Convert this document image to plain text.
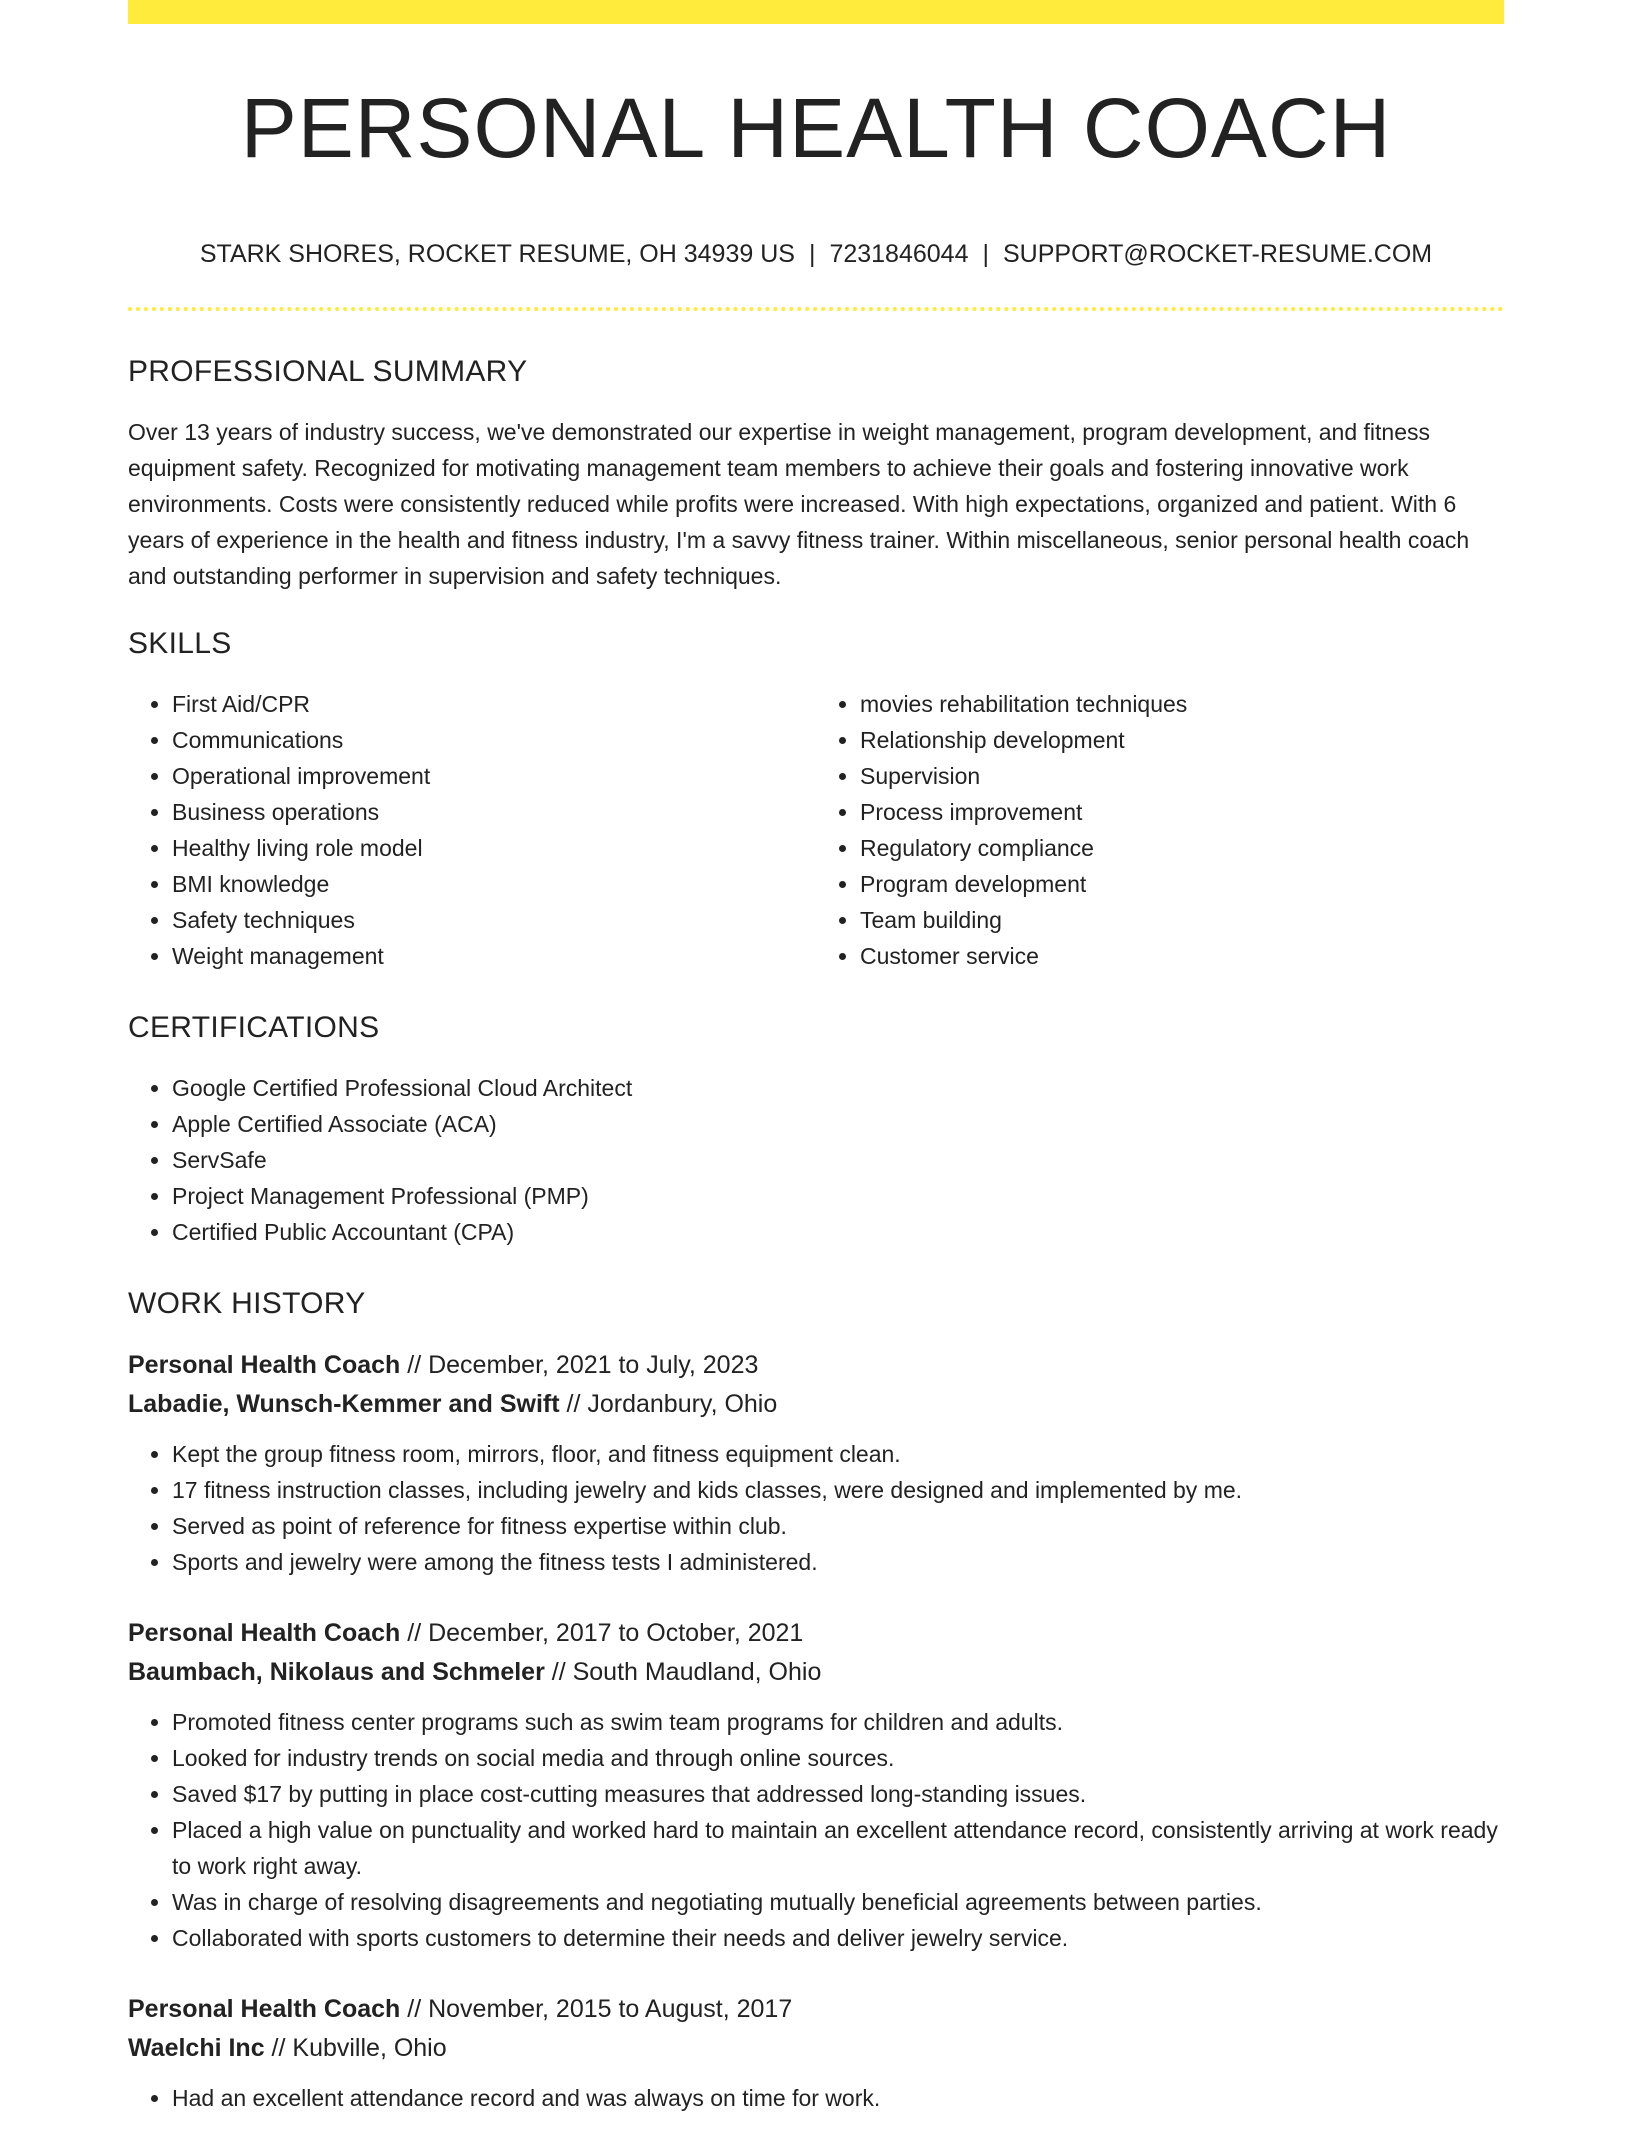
PERSONAL HEALTH COACH
STARK SHORES, ROCKET RESUME, OH 34939 US | 7231846044 | SUPPORT@ROCKET-RESUME.COM
PROFESSIONAL SUMMARY

Over 13 years of industry success, we've demonstrated our expertise in weight management, program development, and fitness equipment safety. Recognized for motivating management team members to achieve their goals and fostering innovative work environments. Costs were consistently reduced while profits were increased. With high expectations, organized and patient. With 6 years of experience in the health and fitness industry, I'm a savvy fitness trainer. Within miscellaneous, senior personal health coach and outstanding performer in supervision and safety techniques.

SKILLS
• First Aid/CPR
• Communications
• Operational improvement
• Business operations
• Healthy living role model
• BMI knowledge
• Safety techniques
• Weight management
• movies rehabilitation techniques
• Relationship development
• Supervision
• Process improvement
• Regulatory compliance
• Program development
• Team building
• Customer service
CERTIFICATIONS
• Google Certified Professional Cloud Architect
• Apple Certified Associate (ACA)
• ServSafe
• Project Management Professional (PMP)
• Certified Public Accountant (CPA)
WORK HISTORY
Personal Health Coach // December, 2021 to July, 2023
Labadie, Wunsch-Kemmer and Swift // Jordanbury, Ohio
• Kept the group fitness room, mirrors, floor, and fitness equipment clean.
• 17 fitness instruction classes, including jewelry and kids classes, were designed and implemented by me.
• Served as point of reference for fitness expertise within club.
• Sports and jewelry were among the fitness tests I administered.
Personal Health Coach // December, 2017 to October, 2021
Baumbach, Nikolaus and Schmeler // South Maudland, Ohio
• Promoted fitness center programs such as swim team programs for children and adults.
• Looked for industry trends on social media and through online sources.
• Saved $17 by putting in place cost-cutting measures that addressed long-standing issues.
• Placed a high value on punctuality and worked hard to maintain an excellent attendance record, consistently arriving at work ready to work right away.
• Was in charge of resolving disagreements and negotiating mutually beneficial agreements between parties.
• Collaborated with sports customers to determine their needs and deliver jewelry service.
Personal Health Coach // November, 2015 to August, 2017
Waelchi Inc // Kubville, Ohio
• Had an excellent attendance record and was always on time for work.
